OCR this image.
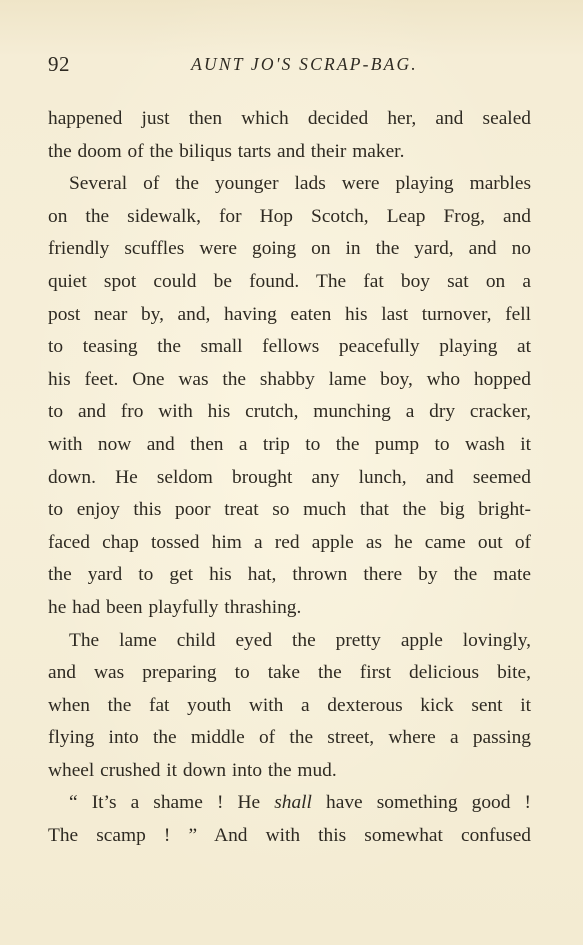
92	AUNT JO'S SCRAP-BAG.
happened just then which decided her, and sealed
the doom of the biliqus tarts and their maker.
Several of the younger lads were playing marbles
on the sidewalk, for Hop Scotch, Leap Frog, and
friendly scuffles were going on in the yard, and no
quiet spot could be found. The fat boy sat on a
post near by, and, having eaten his last turnover, fell
to teasing the small fellows peacefully playing at
his feet. One was the shabby lame boy, who hopped
to and fro with his crutch, munching a dry cracker,
with now and then a trip to the pump to wash it
down. He seldom brought any lunch, and seemed
to enjoy this poor treat so much that the big bright-
faced chap tossed him a red apple as he came out of
the yard to get his hat, thrown there by the mate
he had been playfully thrashing.
The lame child eyed the pretty apple lovingly,
and was preparing to take the first delicious bite,
when the fat youth with a dexterous kick sent it
flying into the middle of the street, where a passing
wheel crushed it down into the mud.
“ It’s a shame ! He shall have something good !
The scamp ! ” And with this somewhat confused
